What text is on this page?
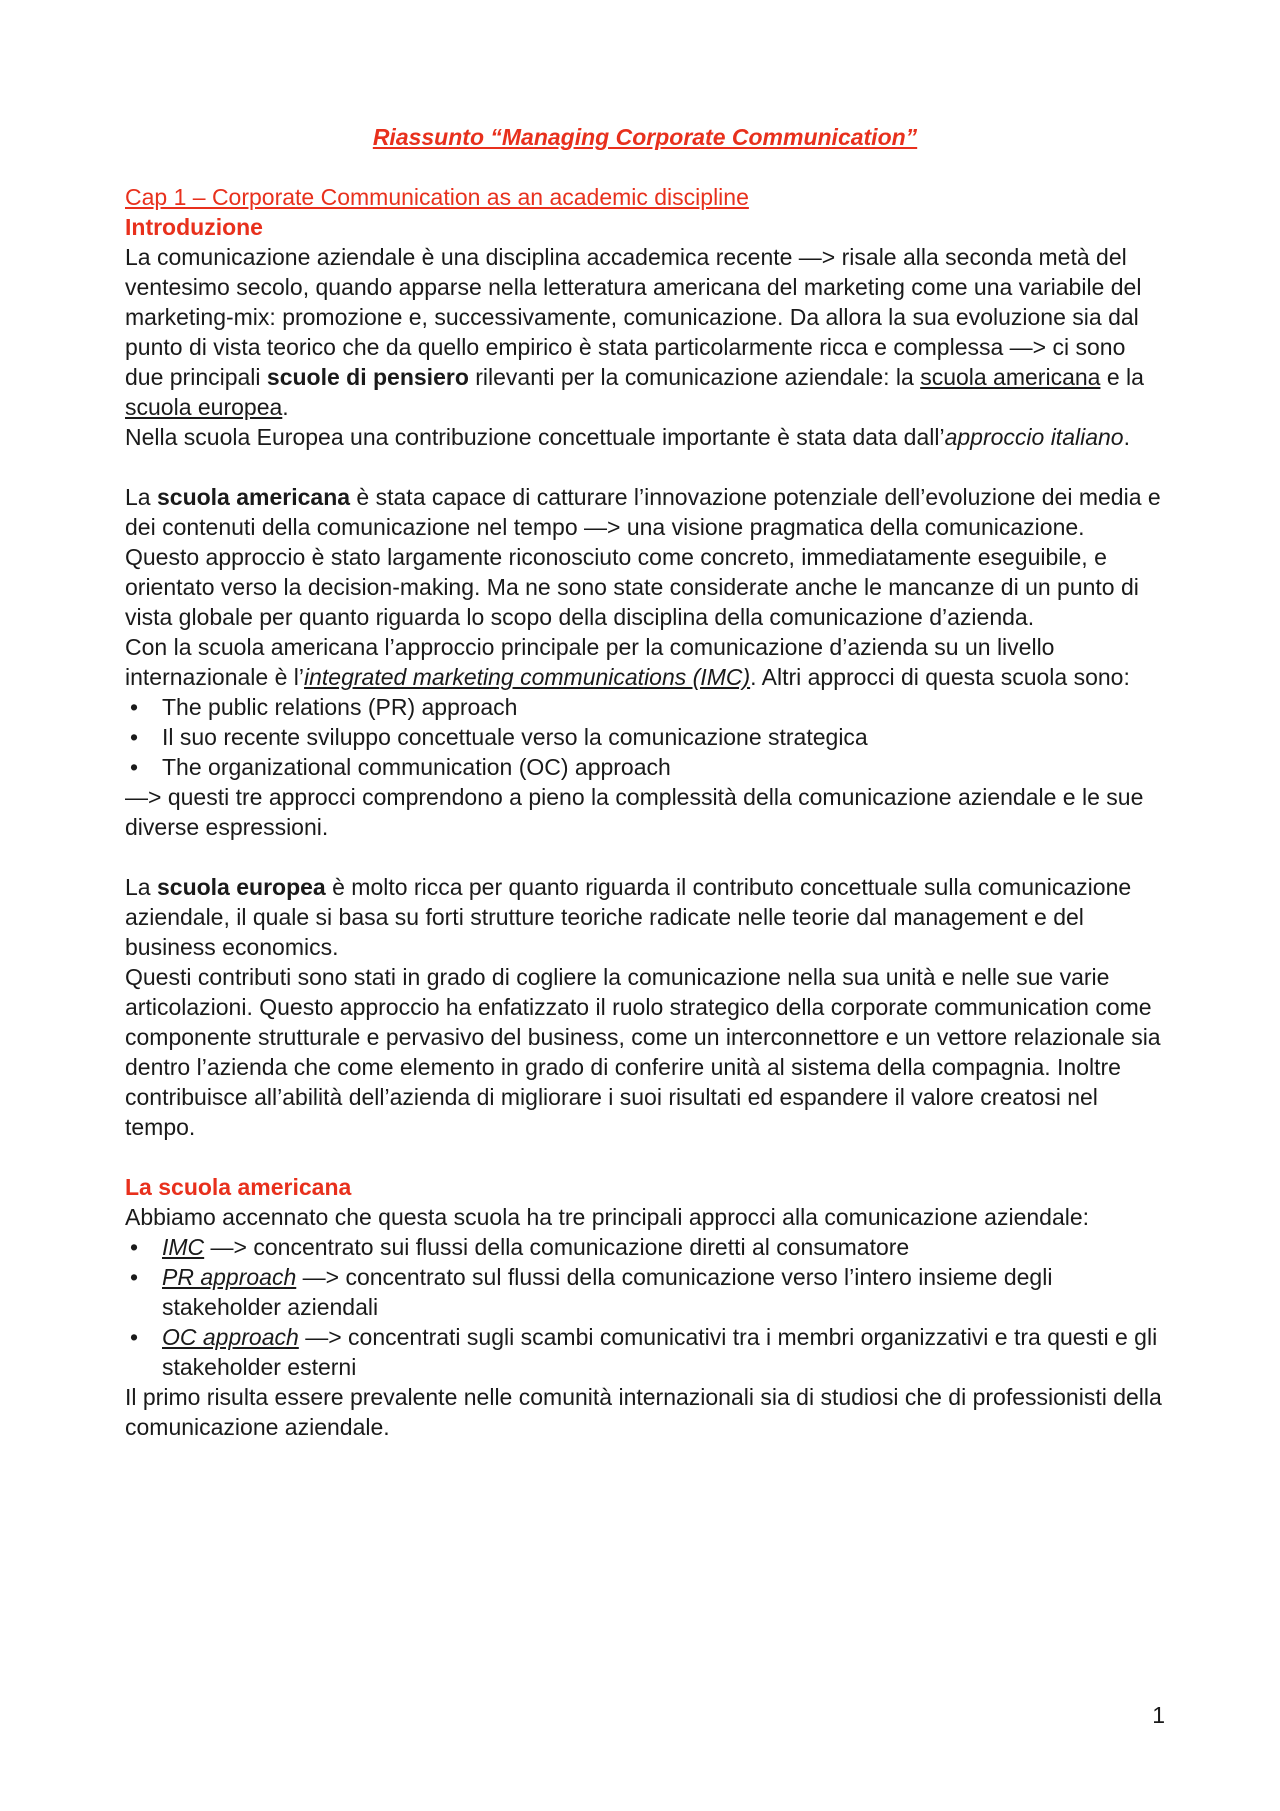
Riassunto “Managing Corporate Communication”

Cap 1 – Corporate Communication as an academic discipline

Introduzione

La comunicazione aziendale è una disciplina accademica recente —> risale alla seconda metà del ventesimo secolo, quando apparse nella letteratura americana del marketing come una variabile del marketing-mix: promozione e, successivamente, comunicazione. Da allora la sua evoluzione sia dal punto di vista teorico che da quello empirico è stata particolarmente ricca e complessa —> ci sono due principali scuole di pensiero rilevanti per la comunicazione aziendale: la scuola americana e la scuola europea.

Nella scuola Europea una contribuzione concettuale importante è stata data dall’approccio italiano.

La scuola americana è stata capace di catturare l’innovazione potenziale dell’evoluzione dei media e dei contenuti della comunicazione nel tempo —> una visione pragmatica della comunicazione. Questo approccio è stato largamente riconosciuto come concreto, immediatamente eseguibile, e orientato verso la decision-making. Ma ne sono state considerate anche le mancanze di un punto di vista globale per quanto riguarda lo scopo della disciplina della comunicazione d’azienda.

Con la scuola americana l’approccio principale per la comunicazione d’azienda su un livello internazionale è l’integrated marketing communications (IMC). Altri approcci di questa scuola sono:

• The public relations (PR) approach
• Il suo recente sviluppo concettuale verso la comunicazione strategica
• The organizational communication (OC) approach

—> questi tre approcci comprendono a pieno la complessità della comunicazione aziendale e le sue diverse espressioni.

La scuola europea è molto ricca per quanto riguarda il contributo concettuale sulla comunicazione aziendale, il quale si basa su forti strutture teoriche radicate nelle teorie dal management e del business economics.

Questi contributi sono stati in grado di cogliere la comunicazione nella sua unità e nelle sue varie articolazioni. Questo approccio ha enfatizzato il ruolo strategico della corporate communication come componente strutturale e pervasivo del business, come un interconnettore e un vettore relazionale sia dentro l’azienda che come elemento in grado di conferire unità al sistema della compagnia. Inoltre contribuisce all’abilità dell’azienda di migliorare i suoi risultati ed espandere il valore creatosi nel tempo.

La scuola americana

Abbiamo accennato che questa scuola ha tre principali approcci alla comunicazione aziendale:

• IMC —> concentrato sui flussi della comunicazione diretti al consumatore
• PR approach —> concentrato sul flussi della comunicazione verso l’intero insieme degli stakeholder aziendali
• OC approach —> concentrati sugli scambi comunicativi tra i membri organizzativi e tra questi e gli stakeholder esterni

Il primo risulta essere prevalente nelle comunità internazionali sia di studiosi che di professionisti della comunicazione aziendale.

1
